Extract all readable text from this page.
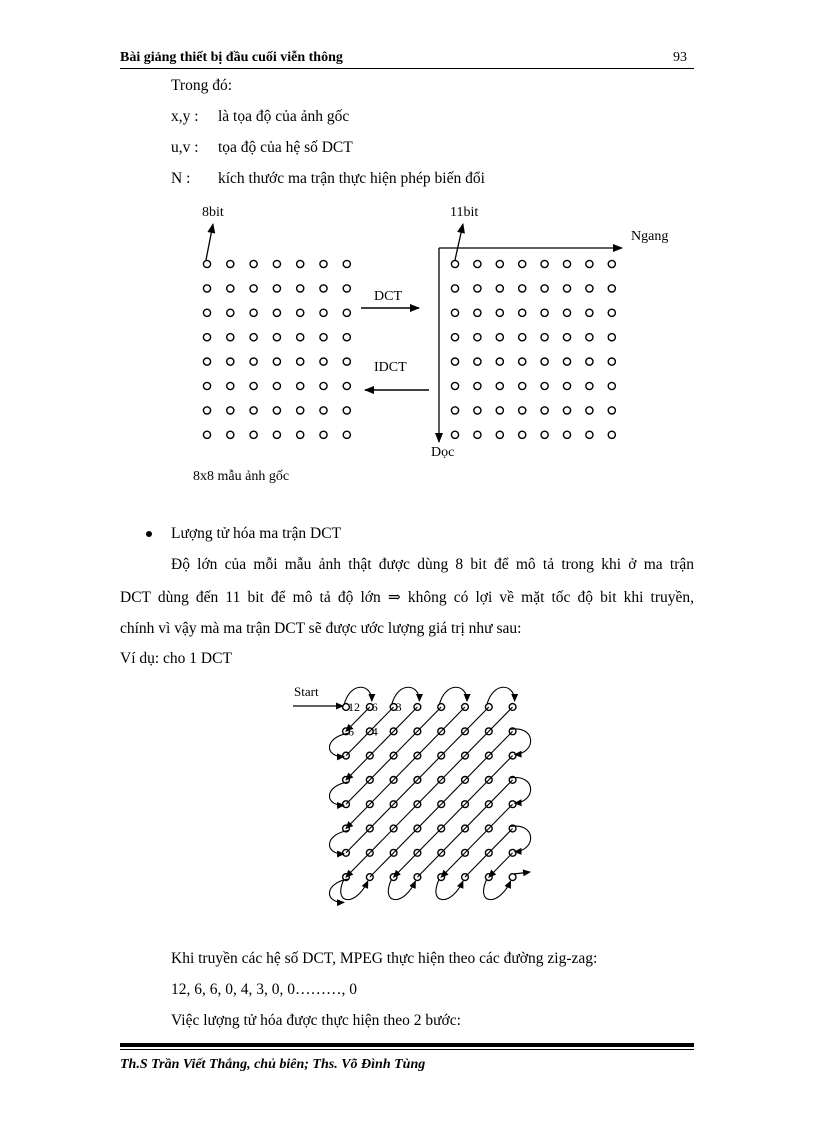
Bài giảng thiết bị đầu cuối viễn thông	93
Trong đó:
x,y : là tọa độ của ảnh gốc
u,v : tọa độ của hệ số DCT
N : kích thước ma trận thực hiện phép biến đổi
8bit	11bit
Ngang
Dọc
DCT
IDCT
8x8 mẫu ảnh gốc
Lượng tử hóa ma trận DCT
Độ lớn của mỗi mẫu ảnh thật được dùng 8 bit để mô tả trong khi ở ma trận
DCT dùng đến 11 bit để mô tả độ lớn ⇒ không có lợi về mặt tốc độ bit khi truyền,
chính vì vậy mà ma trận DCT sẽ được ước lượng giá trị như sau:
Ví dụ: cho 1 DCT
Start
12 6 3
6 4
Khi truyền các hệ số DCT, MPEG thực hiện theo các đường zig-zag:
12, 6, 6, 0, 4, 3, 0, 0………, 0
Việc lượng tử hóa được thực hiện theo 2 bước:
Th.S Trần Viết Thắng, chủ biên; Ths. Võ Đình Tùng
